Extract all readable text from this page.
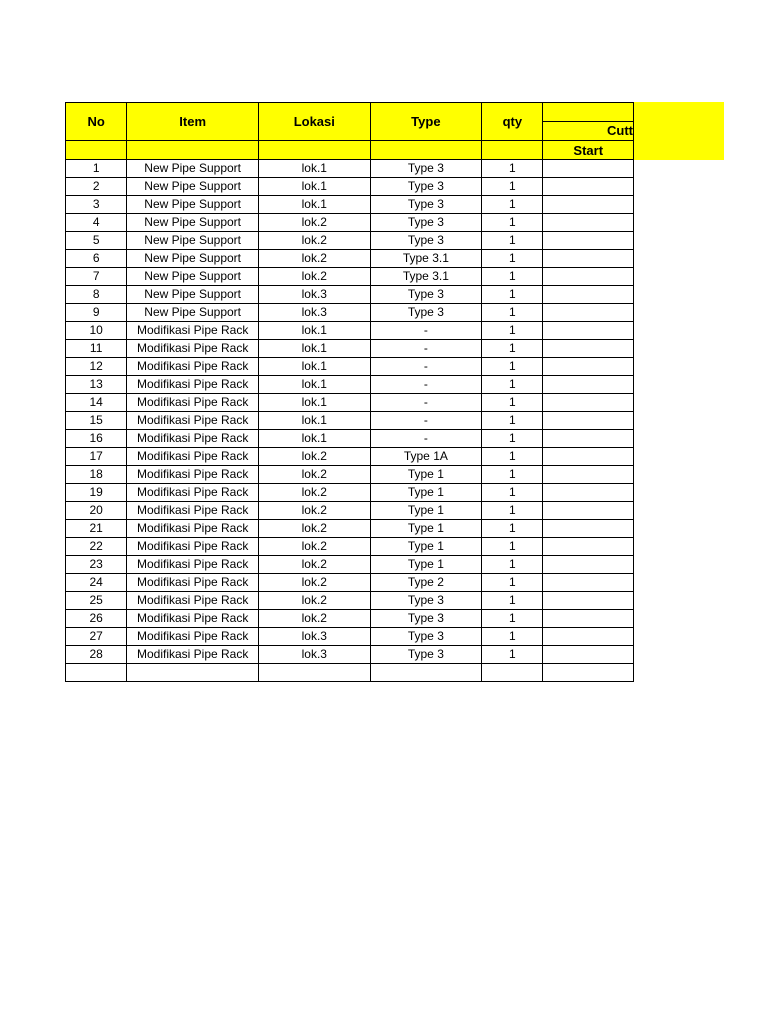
No	Item	Lokasi	Type	qty	Cutt

					Start
1	New Pipe Support	lok.1	Type 3	1	
2	New Pipe Support	lok.1	Type 3	1	
3	New Pipe Support	lok.1	Type 3	1	
4	New Pipe Support	lok.2	Type 3	1	
5	New Pipe Support	lok.2	Type 3	1	
6	New Pipe Support	lok.2	Type 3.1	1	
7	New Pipe Support	lok.2	Type 3.1	1	
8	New Pipe Support	lok.3	Type 3	1	
9	New Pipe Support	lok.3	Type 3	1	
10	Modifikasi Pipe Rack	lok.1	-	1	
11	Modifikasi Pipe Rack	lok.1	-	1	
12	Modifikasi Pipe Rack	lok.1	-	1	
13	Modifikasi Pipe Rack	lok.1	-	1	
14	Modifikasi Pipe Rack	lok.1	-	1	
15	Modifikasi Pipe Rack	lok.1	-	1	
16	Modifikasi Pipe Rack	lok.1	-	1	
17	Modifikasi Pipe Rack	lok.2	Type 1A	1	
18	Modifikasi Pipe Rack	lok.2	Type 1	1	
19	Modifikasi Pipe Rack	lok.2	Type 1	1	
20	Modifikasi Pipe Rack	lok.2	Type 1	1	
21	Modifikasi Pipe Rack	lok.2	Type 1	1	
22	Modifikasi Pipe Rack	lok.2	Type 1	1	
23	Modifikasi Pipe Rack	lok.2	Type 1	1	
24	Modifikasi Pipe Rack	lok.2	Type 2	1	
25	Modifikasi Pipe Rack	lok.2	Type 3	1	
26	Modifikasi Pipe Rack	lok.2	Type 3	1	
27	Modifikasi Pipe Rack	lok.3	Type 3	1	
28	Modifikasi Pipe Rack	lok.3	Type 3	1	
